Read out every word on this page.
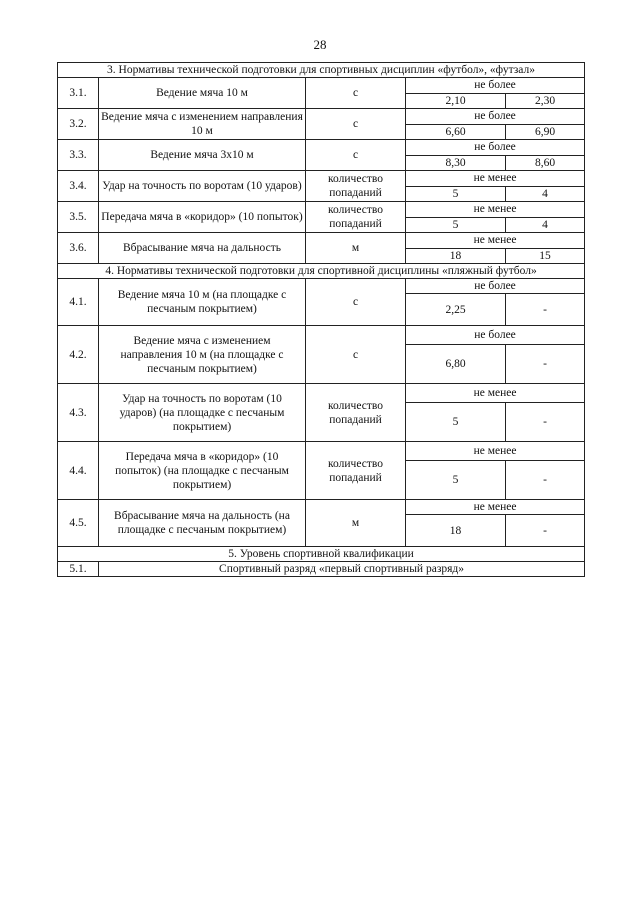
28
3. Нормативы технической подготовки для спортивных дисциплин «футбол», «футзал»				
3.1.	Ведение мяча 10 м	с	не более	
			2,10	2,30
3.2.	Ведение мяча с изменением направления 10 м	с	не более	
			6,60	6,90
3.3.	Ведение мяча 3х10 м	с	не более	
			8,30	8,60
3.4.	Удар на точность по воротам (10 ударов)	количество попаданий	не менее	
			5	4
3.5.	Передача мяча в «коридор» (10 попыток)	количество попаданий	не менее	
			5	4
3.6.	Вбрасывание мяча на дальность	м	не менее	
			18	15
4. Нормативы технической подготовки для спортивной дисциплины «пляжный футбол»				
4.1.	Ведение мяча 10 м (на площадке с песчаным покрытием)	с	не более	
			2,25	-
4.2.	Ведение мяча с изменением направления 10 м (на площадке с песчаным покрытием)	с	не более	
			6,80	-
4.3.	Удар на точность по воротам (10 ударов) (на площадке с песчаным покрытием)	количество попаданий	не менее	
			5	-
4.4.	Передача мяча в «коридор» (10 попыток) (на площадке с песчаным покрытием)	количество попаданий	не менее	
			5	-
4.5.	Вбрасывание мяча на дальность (на площадке с песчаным покрытием)	м	не менее	
			18	-
5. Уровень спортивной квалификации				
5.1.	Спортивный разряд «первый спортивный разряд»			
